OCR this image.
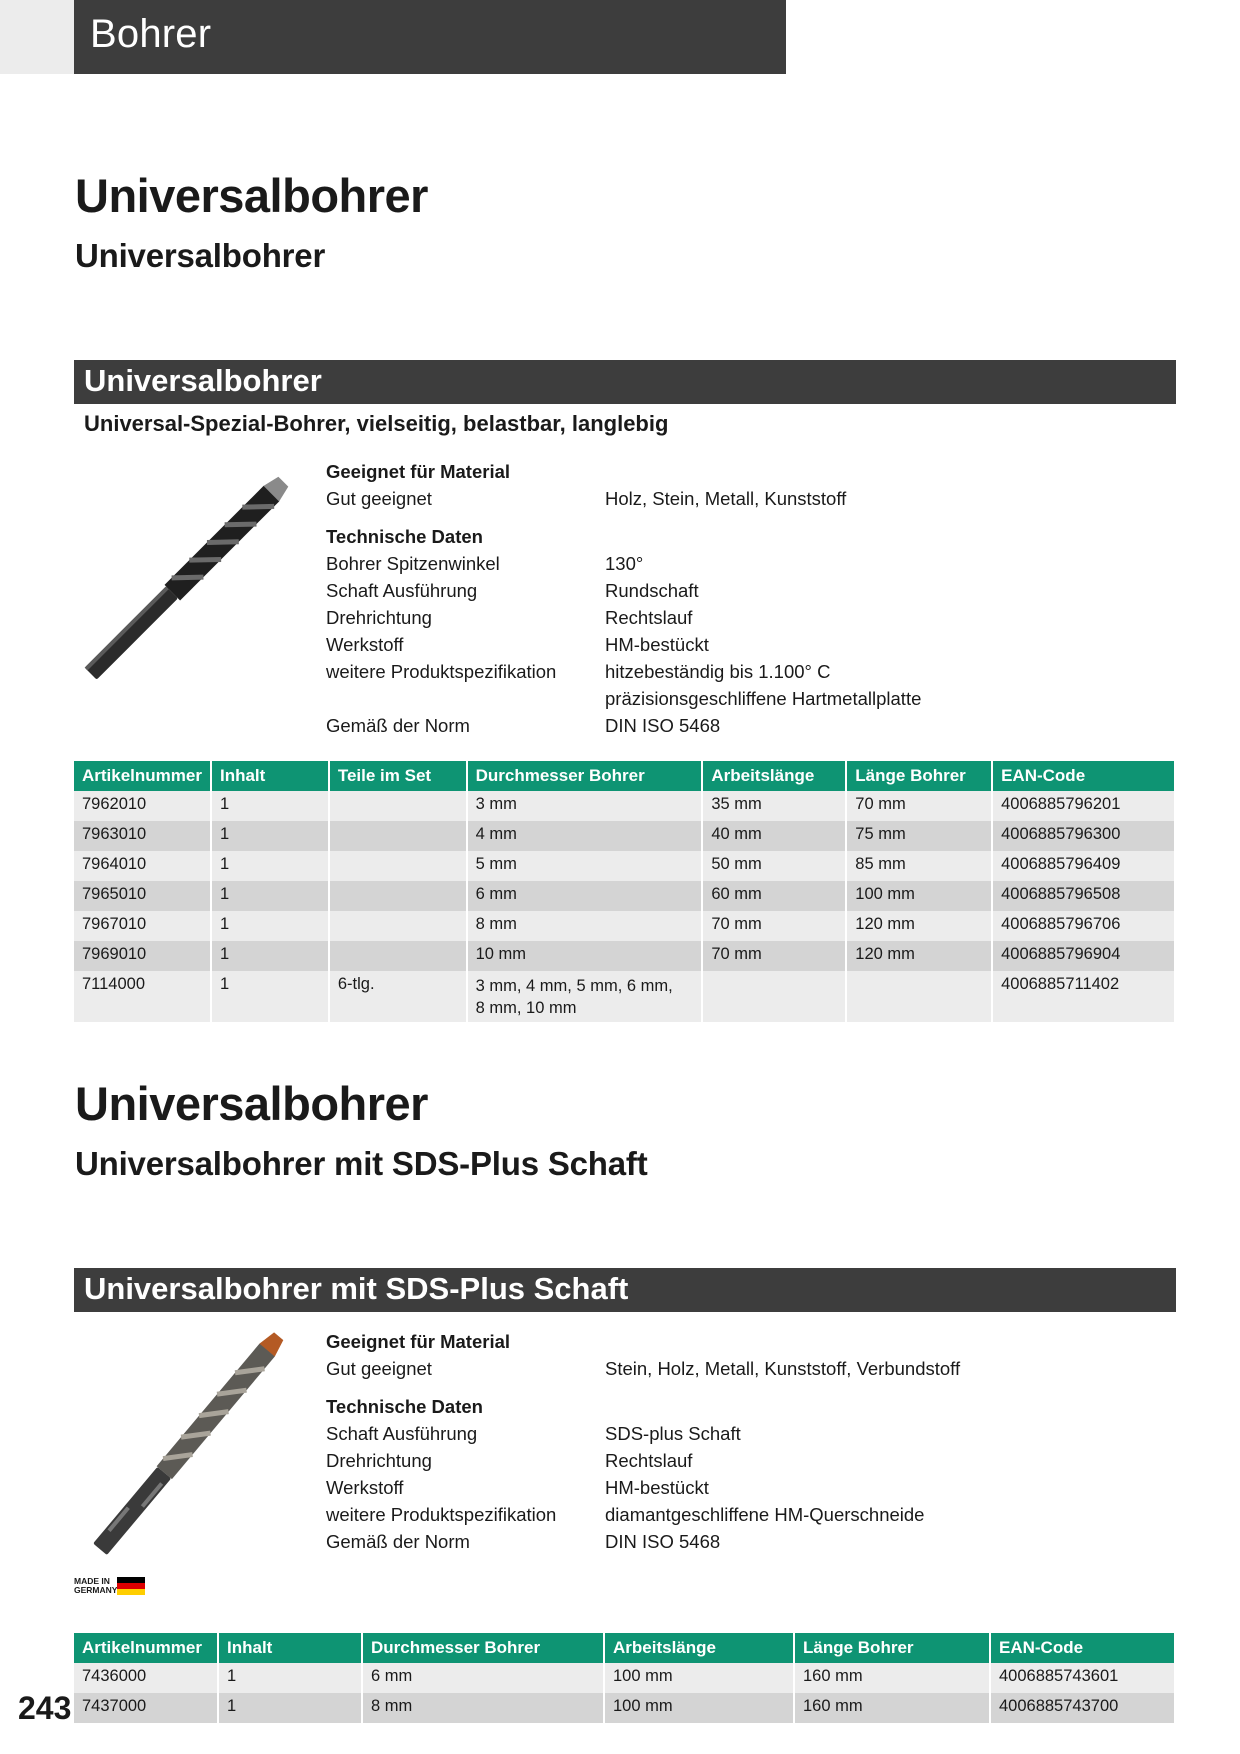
Bohrer
Universalbohrer
Universalbohrer
Universalbohrer
Universal-Spezial-Bohrer, vielseitig, belastbar, langlebig
Geeignet für Material
Gut geeignet	Holz, Stein, Metall, Kunststoff
Technische Daten
Bohrer Spitzenwinkel	130°
Schaft Ausführung	Rundschaft
Drehrichtung	Rechtslauf
Werkstoff	HM-bestückt
weitere Produktspezifikation	hitzebeständig bis 1.100° C
präzisionsgeschliffene Hartmetallplatte
Gemäß der Norm	DIN ISO 5468
Artikelnummer	Inhalt	Teile im Set	Durchmesser Bohrer	Arbeitslänge	Länge Bohrer	EAN-Code
7962010	1		3 mm	35 mm	70 mm	4006885796201
7963010	1		4 mm	40 mm	75 mm	4006885796300
7964010	1		5 mm	50 mm	85 mm	4006885796409
7965010	1		6 mm	60 mm	100 mm	4006885796508
7967010	1		8 mm	70 mm	120 mm	4006885796706
7969010	1		10 mm	70 mm	120 mm	4006885796904
7114000	1	6-tlg.	3 mm, 4 mm, 5 mm, 6 mm,
8 mm, 10 mm			4006885711402
Universalbohrer
Universalbohrer mit SDS-Plus Schaft
Universalbohrer mit SDS-Plus Schaft
Geeignet für Material
Gut geeignet	Stein, Holz, Metall, Kunststoff, Verbundstoff
Technische Daten
Schaft Ausführung	SDS-plus Schaft
Drehrichtung	Rechtslauf
Werkstoff	HM-bestückt
weitere Produktspezifikation	diamantgeschliffene HM-Querschneide
Gemäß der Norm	DIN ISO 5468
MADE IN GERMANY
Artikelnummer	Inhalt	Durchmesser Bohrer	Arbeitslänge	Länge Bohrer	EAN-Code
7436000	1	6 mm	100 mm	160 mm	4006885743601
7437000	1	8 mm	100 mm	160 mm	4006885743700
243
